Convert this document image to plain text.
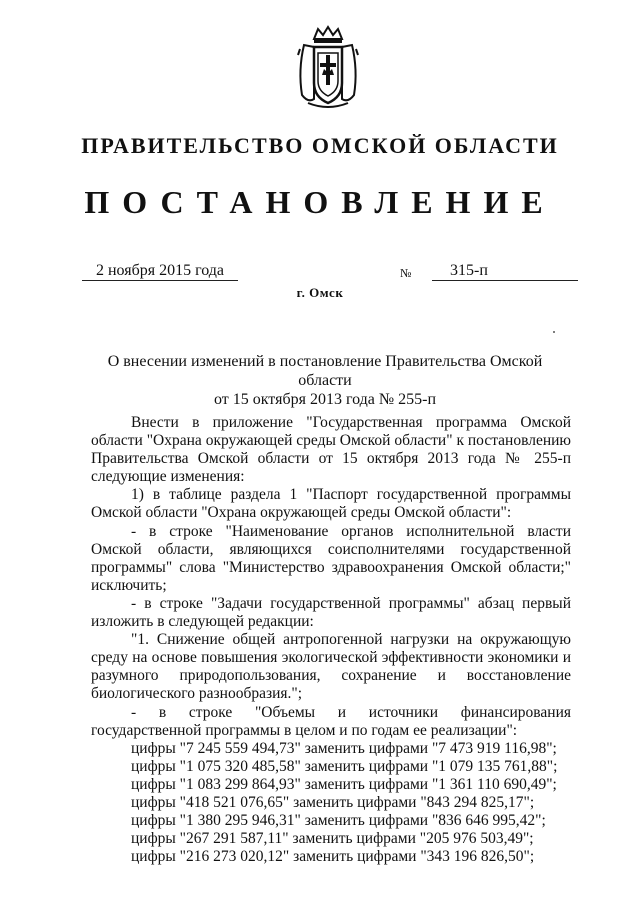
ПРАВИТЕЛЬСТВО ОМСКОЙ ОБЛАСТИ
ПОСТАНОВЛЕНИЕ
2 ноября 2015 года	№	315-п
г. Омск
О внесении изменений в постановление Правительства Омской области
от 15 октября 2013 года № 255-п

Внести в приложение "Государственная программа Омской области "Охрана окружающей среды Омской области" к постановлению Правительства Омской области от 15 октября 2013 года № 255-п следующие изменения:

1) в таблице раздела 1 "Паспорт государственной программы Омской области "Охрана окружающей среды Омской области":

- в строке "Наименование органов исполнительной власти Омской области, являющихся соисполнителями государственной программы" слова "Министерство здравоохранения Омской области;" исключить;

- в строке "Задачи государственной программы" абзац первый изложить в следующей редакции:

"1. Снижение общей антропогенной нагрузки на окружающую среду на основе повышения экологической эффективности экономики и разумного природопользования, сохранение и восстановление биологического разнообразия.";

- в строке "Объемы и источники финансирования государственной программы в целом и по годам ее реализации":

цифры "7 245 559 494,73" заменить цифрами "7 473 919 116,98";

цифры "1 075 320 485,58" заменить цифрами "1 079 135 761,88";

цифры "1 083 299 864,93" заменить цифрами "1 361 110 690,49";

цифры "418 521 076,65" заменить цифрами "843 294 825,17";

цифры "1 380 295 946,31" заменить цифрами "836 646 995,42";

цифры "267 291 587,11" заменить цифрами "205 976 503,49";

цифры "216 273 020,12" заменить цифрами "343 196 826,50";
